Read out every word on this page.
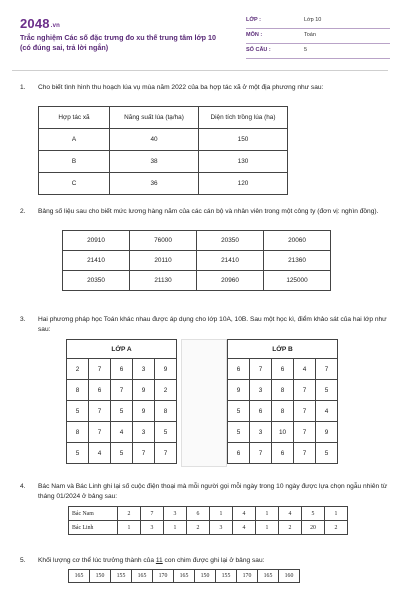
2048.vn
Trắc nghiệm Các số đặc trưng đo xu thế trung tâm lớp 10
(có đúng sai, trả lời ngắn)
LỚP :	Lớp 10
MÔN :	Toán
SỐ CÂU :	5
1. Cho biết tình hình thu hoạch lúa vụ mùa năm 2022 của ba hợp tác xã ở một địa phương như sau:
Hợp tác xã	Năng suất lúa (tạ/ha)	Diện tích trồng lúa (ha)
A	40	150
B	38	130
C	36	120
2. Bảng số liệu sau cho biết mức lương hàng năm của các cán bộ và nhân viên trong một công ty (đơn vị: nghìn đồng).
20910	76000	20350	20060
21410	20110	21410	21360
20350	21130	20960	125000
3. Hai phương pháp học Toán khác nhau được áp dụng cho lớp 10A, 10B. Sau một học kì, điểm khảo sát của hai lớp như sau:
LỚP A				
2	7	6	3	9
8	6	7	9	2
5	7	5	9	8
8	7	4	3	5
5	4	5	7	7
LỚP B				
6	7	6	4	7
9	3	8	7	5
5	6	8	7	4
5	3	10	7	9
6	7	6	7	5
4. Bác Nam và Bác Linh ghi lại số cuộc điện thoại mà mỗi người gọi mỗi ngày trong 10 ngày được lựa chọn ngẫu nhiên từ tháng 01/2024 ở bảng sau:
Bác Nam	2	7	3	6	1	4	1	4	5	1
Bác Linh	1	3	1	2	3	4	1	2	20	2
5. Khối lượng cơ thể lúc trưởng thành của 11 con chim được ghi lại ở bảng sau:
165	150	155	165	170	165	150	155	170	165	160
